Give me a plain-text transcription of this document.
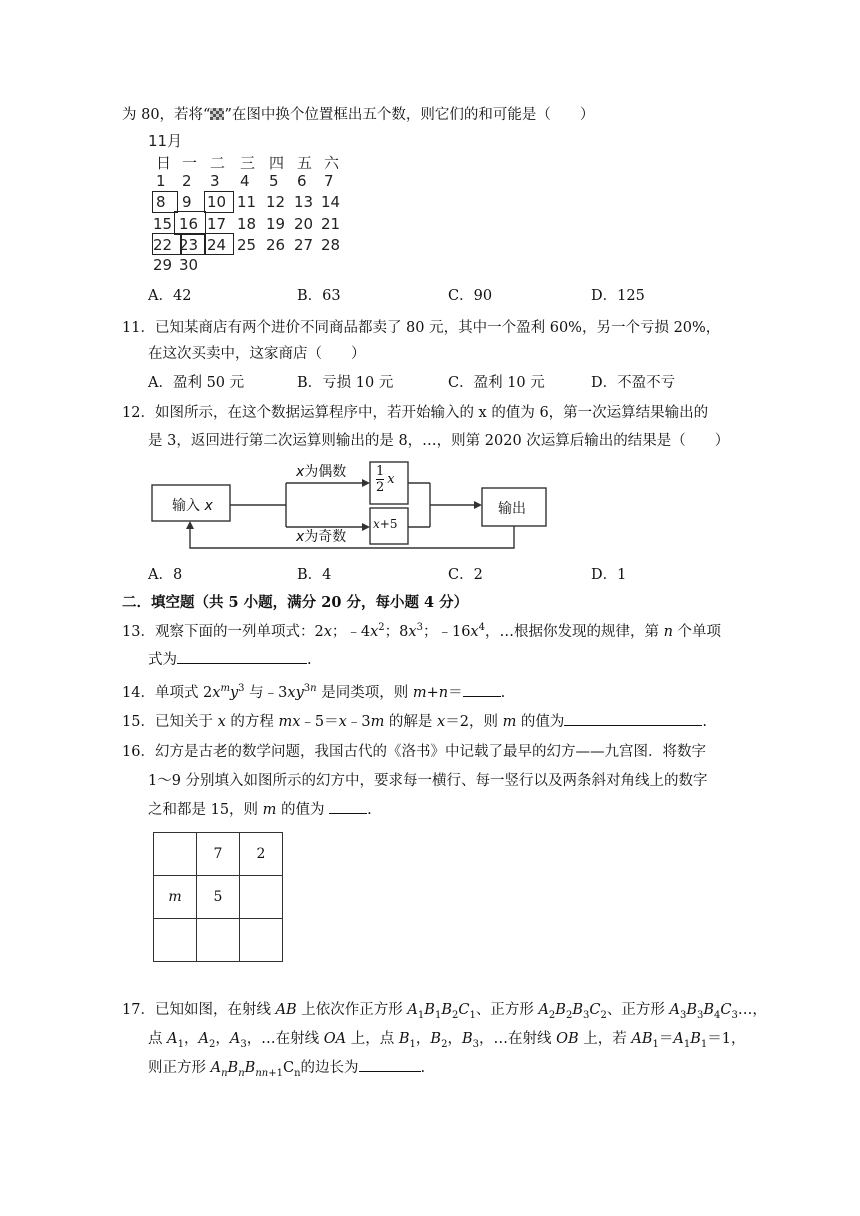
为 80，若将“ ”在图中换个位置框出五个数，则它们的和可能是（　　）
11月
日 一 二 三 四 五 六
1 2 3 4 5 6 7
8 9 10 11 12 13 14
15 16 17 18 19 20 21
22 23 24 25 26 27 28
29 30
A．42	B．63	C．90	D．125
11．已知某商店有两个进价不同商品都卖了 80 元，其中一个盈利 60%，另一个亏损 20%，
在这次买卖中，这家商店（　　）
A．盈利 50 元	B．亏损 10 元	C．盈利 10 元	D．不盈不亏
12．如图所示，在这个数据运算程序中，若开始输入的 x 的值为 6，第一次运算结果输出的
是 3，返回进行第二次运算则输出的是 8，…，则第 2020 次运算后输出的结果是（　　）
输入 x
x为偶数
x为奇数
$\frac{1}{2}$ x
x+5
输出
A．8	B．4	C．2	D．1
二．填空题（共 5 小题，满分 20 分，每小题 4 分）
13．观察下面的一列单项式：2x；$﹣4x^2$；$8x^3$；$﹣16x^4$，…根据你发现的规律，第 n 个单项
式为	.
14．单项式 $2x^my^3$ 与$﹣3xy^{3n}$ 是同类项，则 m+n＝	.
15．已知关于 x 的方程 mx﹣5＝x﹣3m 的解是 x＝2，则 m 的值为	.
16．幻方是古老的数学问题，我国古代的《洛书》中记载了最早的幻方——九宫图．将数字
1～9 分别填入如图所示的幻方中，要求每一横行、每一竖行以及两条斜对角线上的数字
之和都是 15，则 m 的值为	.
	7	2
m	5	

17．已知如图，在射线 AB 上依次作正方形 $A_1B_1B_2C_1$、正方形 $A_2B_2B_3C_2$、正方形 $A_3B_3B_4C_3\dots$，
点 $A_1$，$A_2$，$A_3$，…在射线 OA 上，点 $B_1$，$B_2$，$B_3$，…在射线 OB 上，若 $AB_1=A_1B_1=1$，
则正方形 $A_nB_nB_{nn+1}C_n$的边长为	.
